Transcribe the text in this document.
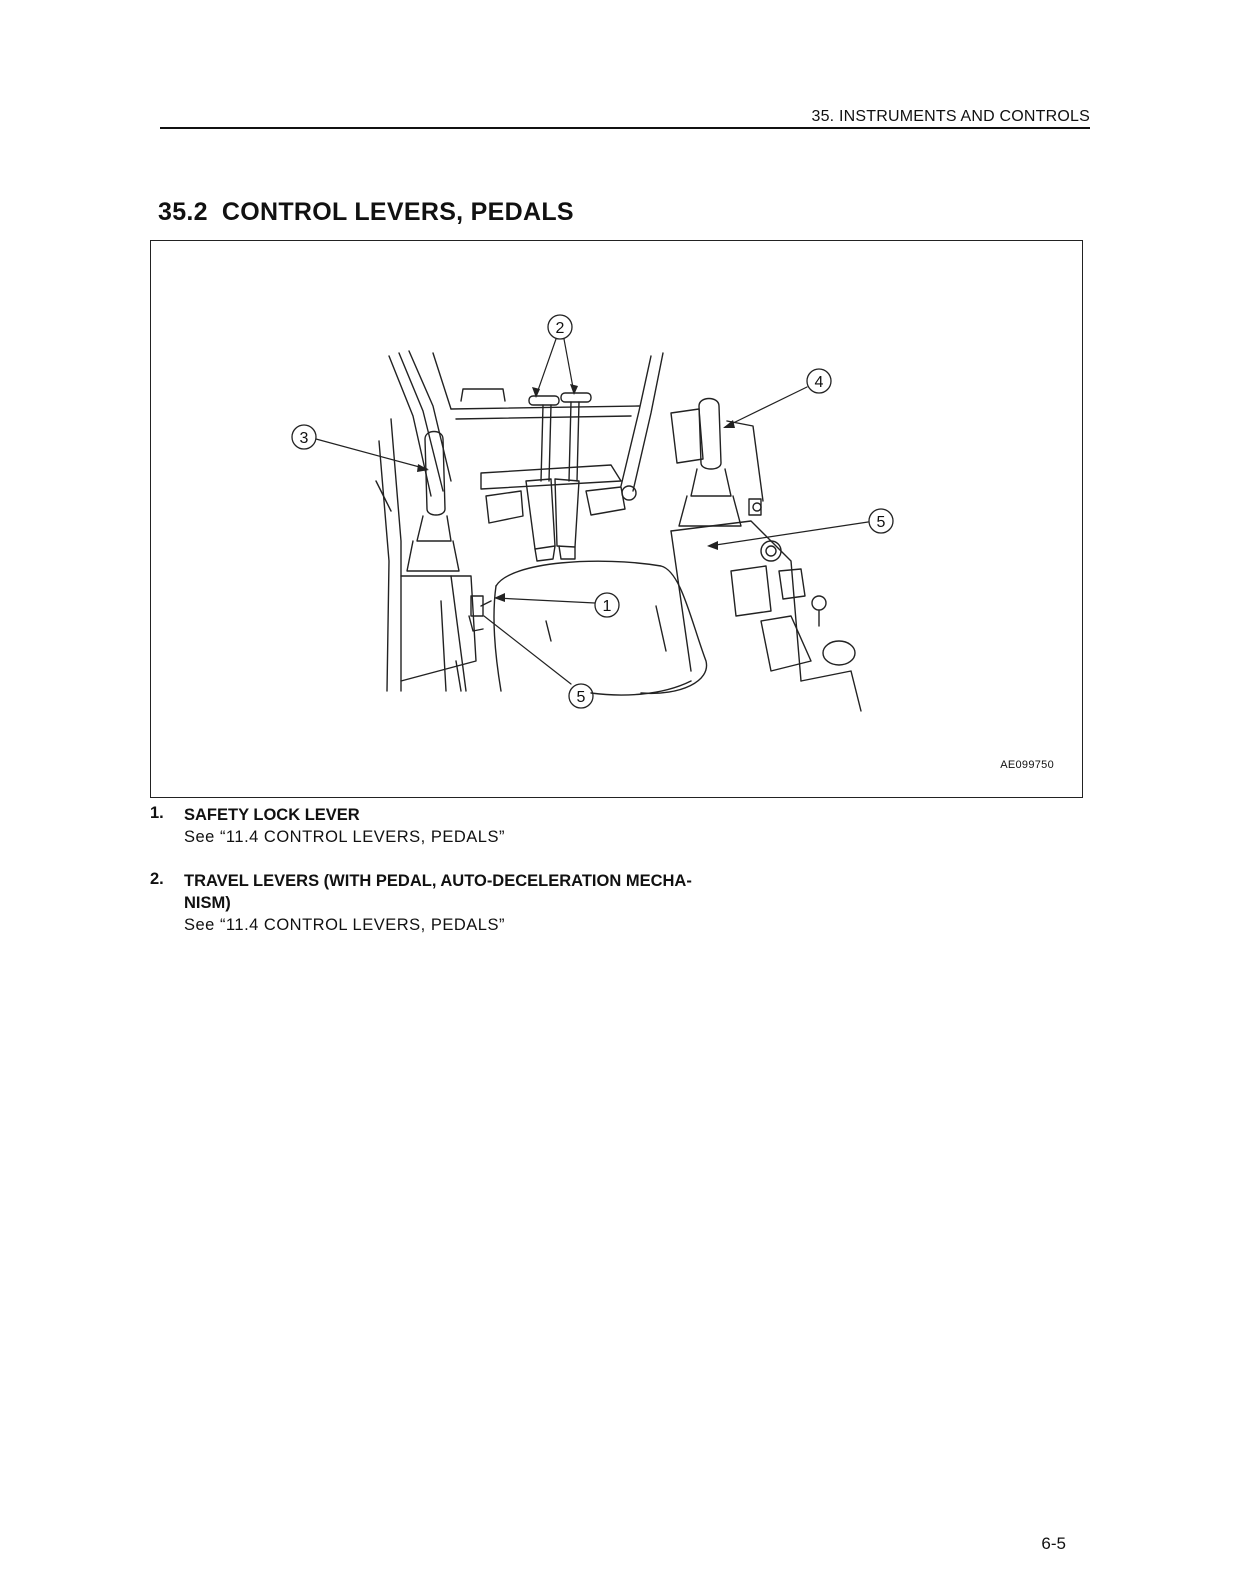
35. INSTRUMENTS AND CONTROLS
35.2 CONTROL LEVERS, PEDALS
2
3
4
5
1
5
AE099750
1.	SAFETY LOCK LEVER
See “11.4 CONTROL LEVERS, PEDALS”
2.	TRAVEL LEVERS (WITH PEDAL, AUTO-DECELERATION MECHA-
NISM)
See “11.4 CONTROL LEVERS, PEDALS”
6-5
